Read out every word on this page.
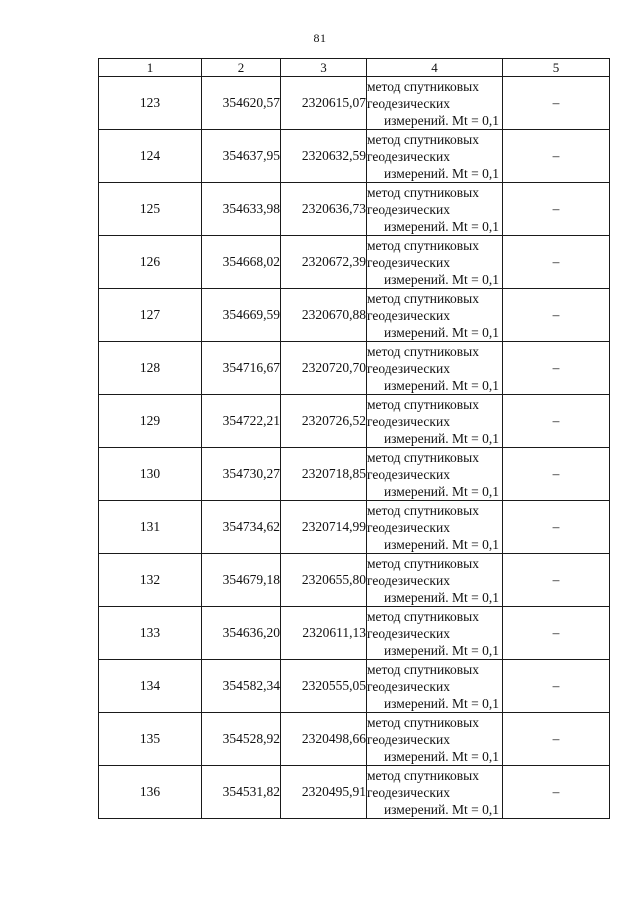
81
1	2	3	4	5
123	354620,57	2320615,07	метод спутниковых
геодезических
измерений. Mt = 0,1	–
124	354637,95	2320632,59	метод спутниковых
геодезических
измерений. Mt = 0,1	–
125	354633,98	2320636,73	метод спутниковых
геодезических
измерений. Mt = 0,1	–
126	354668,02	2320672,39	метод спутниковых
геодезических
измерений. Mt = 0,1	–
127	354669,59	2320670,88	метод спутниковых
геодезических
измерений. Mt = 0,1	–
128	354716,67	2320720,70	метод спутниковых
геодезических
измерений. Mt = 0,1	–
129	354722,21	2320726,52	метод спутниковых
геодезических
измерений. Mt = 0,1	–
130	354730,27	2320718,85	метод спутниковых
геодезических
измерений. Mt = 0,1	–
131	354734,62	2320714,99	метод спутниковых
геодезических
измерений. Mt = 0,1	–
132	354679,18	2320655,80	метод спутниковых
геодезических
измерений. Mt = 0,1	–
133	354636,20	2320611,13	метод спутниковых
геодезических
измерений. Mt = 0,1	–
134	354582,34	2320555,05	метод спутниковых
геодезических
измерений. Mt = 0,1	–
135	354528,92	2320498,66	метод спутниковых
геодезических
измерений. Mt = 0,1	–
136	354531,82	2320495,91	метод спутниковых
геодезических
измерений. Mt = 0,1	–
